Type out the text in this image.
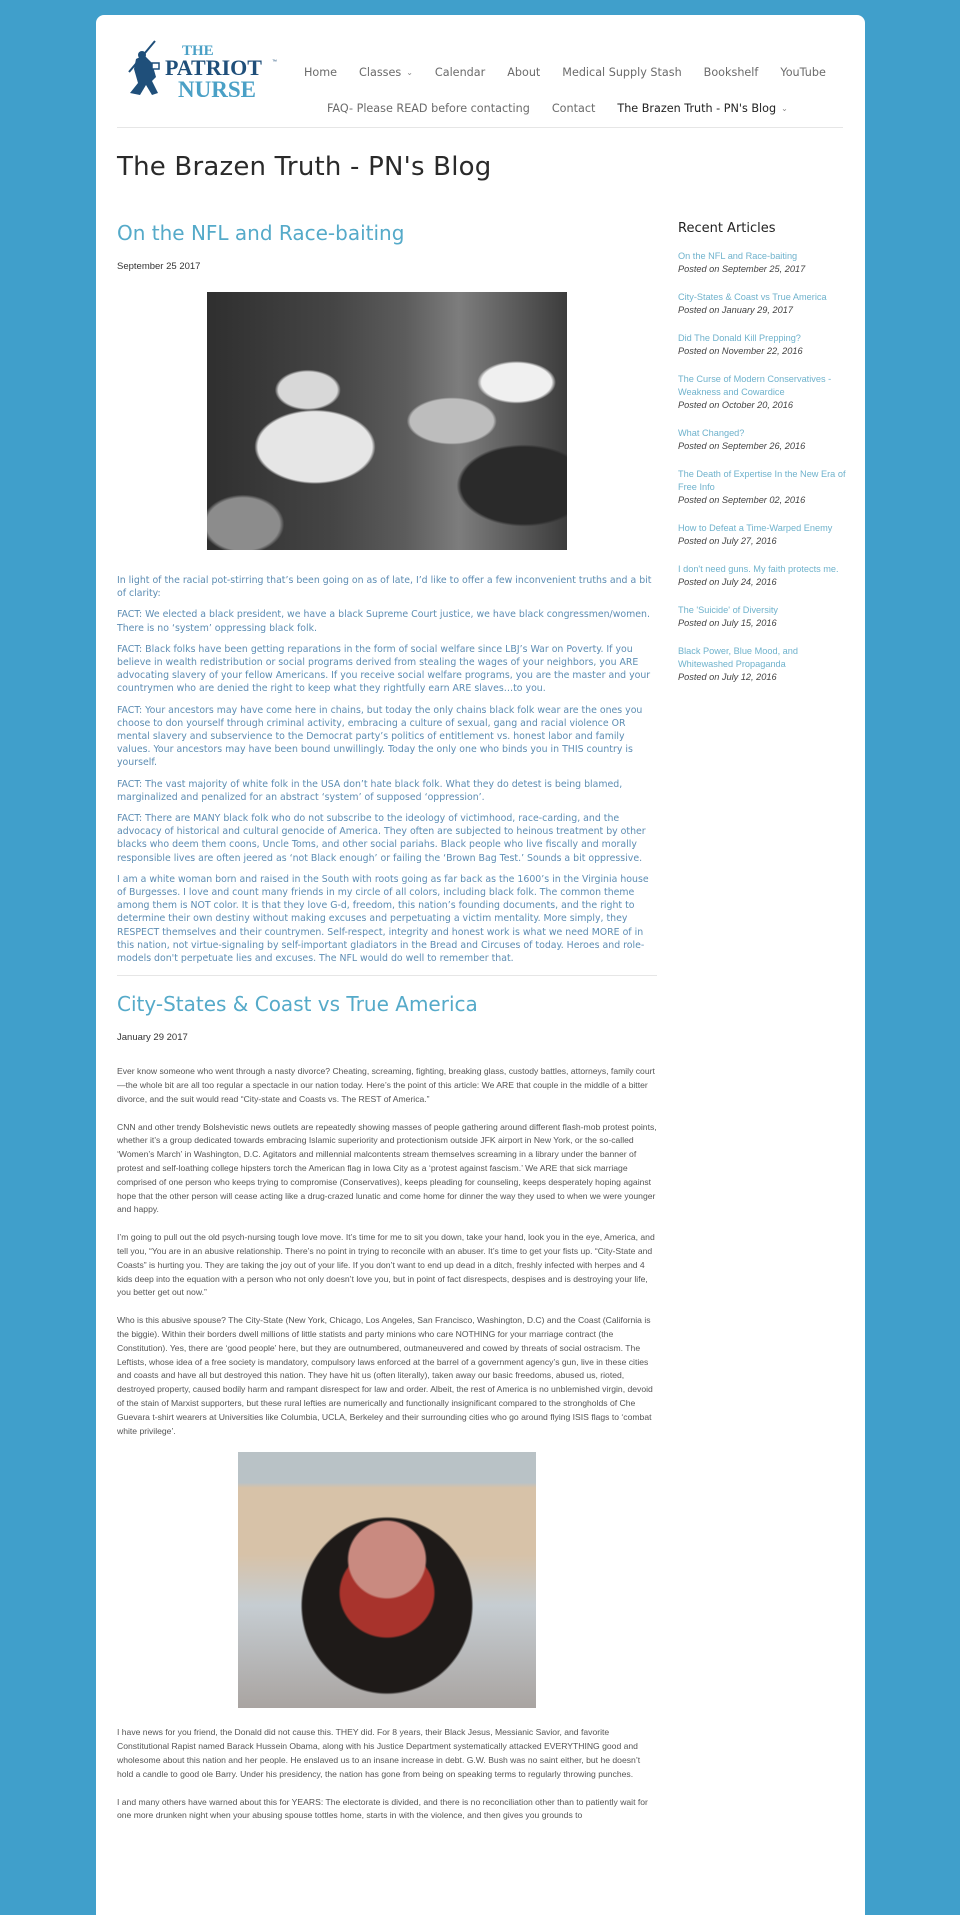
THE
PATRIOT ™
NURSE
Home Classes ⌄ Calendar About Medical Supply Stash Bookshelf YouTube
FAQ- Please READ before contacting Contact The Brazen Truth - PN's Blog ⌄
The Brazen Truth - PN's Blog
On the NFL and Race-baiting
September 25 2017

In light of the racial pot-stirring that’s been going on as of late, I’d like to offer a few inconvenient truths and a bit of clarity:

FACT: We elected a black president, we have a black Supreme Court justice, we have black congressmen/women. There is no ‘system’ oppressing black folk.

FACT: Black folks have been getting reparations in the form of social welfare since LBJ’s War on Poverty. If you believe in wealth redistribution or social programs derived from stealing the wages of your neighbors, you ARE advocating slavery of your fellow Americans. If you receive social welfare programs, you are the master and your countrymen who are denied the right to keep what they rightfully earn ARE slaves…to you.

FACT: Your ancestors may have come here in chains, but today the only chains black folk wear are the ones you choose to don yourself through criminal activity, embracing a culture of sexual, gang and racial violence OR mental slavery and subservience to the Democrat party’s politics of entitlement vs. honest labor and family values. Your ancestors may have been bound unwillingly. Today the only one who binds you in THIS country is yourself.

FACT: The vast majority of white folk in the USA don’t hate black folk. What they do detest is being blamed, marginalized and penalized for an abstract ‘system’ of supposed ‘oppression’.

FACT: There are MANY black folk who do not subscribe to the ideology of victimhood, race-carding, and the advocacy of historical and cultural genocide of America. They often are subjected to heinous treatment by other blacks who deem them coons, Uncle Toms, and other social pariahs. Black people who live fiscally and morally responsible lives are often jeered as ‘not Black enough’ or failing the ‘Brown Bag Test.’ Sounds a bit oppressive.

I am a white woman born and raised in the South with roots going as far back as the 1600’s in the Virginia house of Burgesses. I love and count many friends in my circle of all colors, including black folk. The common theme among them is NOT color. It is that they love G-d, freedom, this nation’s founding documents, and the right to determine their own destiny without making excuses and perpetuating a victim mentality. More simply, they RESPECT themselves and their countrymen. Self-respect, integrity and honest work is what we need MORE of in this nation, not virtue-signaling by self-important gladiators in the Bread and Circuses of today. Heroes and role-models don't perpetuate lies and excuses. The NFL would do well to remember that.

City-States & Coast vs True America
January 29 2017

Ever know someone who went through a nasty divorce? Cheating, screaming, fighting, breaking glass, custody battles, attorneys, family court—the whole bit are all too regular a spectacle in our nation today. Here’s the point of this article: We ARE that couple in the middle of a bitter divorce, and the suit would read “City-state and Coasts vs. The REST of America.”

CNN and other trendy Bolshevistic news outlets are repeatedly showing masses of people gathering around different flash-mob protest points, whether it’s a group dedicated towards embracing Islamic superiority and protectionism outside JFK airport in New York, or the so-called ‘Women’s March’ in Washington, D.C. Agitators and millennial malcontents stream themselves screaming in a library under the banner of protest and self-loathing college hipsters torch the American flag in Iowa City as a ‘protest against fascism.’ We ARE that sick marriage comprised of one person who keeps trying to compromise (Conservatives), keeps pleading for counseling, keeps desperately hoping against hope that the other person will cease acting like a drug-crazed lunatic and come home for dinner the way they used to when we were younger and happy.

I’m going to pull out the old psych-nursing tough love move. It’s time for me to sit you down, take your hand, look you in the eye, America, and tell you, “You are in an abusive relationship. There’s no point in trying to reconcile with an abuser. It’s time to get your fists up. “City-State and Coasts” is hurting you. They are taking the joy out of your life. If you don’t want to end up dead in a ditch, freshly infected with herpes and 4 kids deep into the equation with a person who not only doesn’t love you, but in point of fact disrespects, despises and is destroying your life, you better get out now.”

Who is this abusive spouse? The City-State (New York, Chicago, Los Angeles, San Francisco, Washington, D.C) and the Coast (California is the biggie). Within their borders dwell millions of little statists and party minions who care NOTHING for your marriage contract (the Constitution). Yes, there are ‘good people’ here, but they are outnumbered, outmaneuvered and cowed by threats of social ostracism. The Leftists, whose idea of a free society is mandatory, compulsory laws enforced at the barrel of a government agency’s gun, live in these cities and coasts and have all but destroyed this nation. They have hit us (often literally), taken away our basic freedoms, abused us, rioted, destroyed property, caused bodily harm and rampant disrespect for law and order. Albeit, the rest of America is no unblemished virgin, devoid of the stain of Marxist supporters, but these rural lefties are numerically and functionally insignificant compared to the strongholds of Che Guevara t-shirt wearers at Universities like Columbia, UCLA, Berkeley and their surrounding cities who go around flying ISIS flags to ‘combat white privilege’.

I have news for you friend, the Donald did not cause this. THEY did. For 8 years, their Black Jesus, Messianic Savior, and favorite Constitutional Rapist named Barack Hussein Obama, along with his Justice Department systematically attacked EVERYTHING good and wholesome about this nation and her people. He enslaved us to an insane increase in debt. G.W. Bush was no saint either, but he doesn’t hold a candle to good ole Barry. Under his presidency, the nation has gone from being on speaking terms to regularly throwing punches.

I and many others have warned about this for YEARS: The electorate is divided, and there is no reconciliation other than to patiently wait for one more drunken night when your abusing spouse tottles home, starts in with the violence, and then gives you grounds to

Recent Articles
On the NFL and Race-baiting
Posted on September 25, 2017
City-States & Coast vs True America
Posted on January 29, 2017
Did The Donald Kill Prepping?
Posted on November 22, 2016
The Curse of Modern Conservatives - Weakness and Cowardice
Posted on October 20, 2016
What Changed?
Posted on September 26, 2016
The Death of Expertise In the New Era of Free Info
Posted on September 02, 2016
How to Defeat a Time-Warped Enemy
Posted on July 27, 2016
I don't need guns. My faith protects me.
Posted on July 24, 2016
The 'Suicide' of Diversity
Posted on July 15, 2016
Black Power, Blue Mood, and Whitewashed Propaganda
Posted on July 12, 2016
